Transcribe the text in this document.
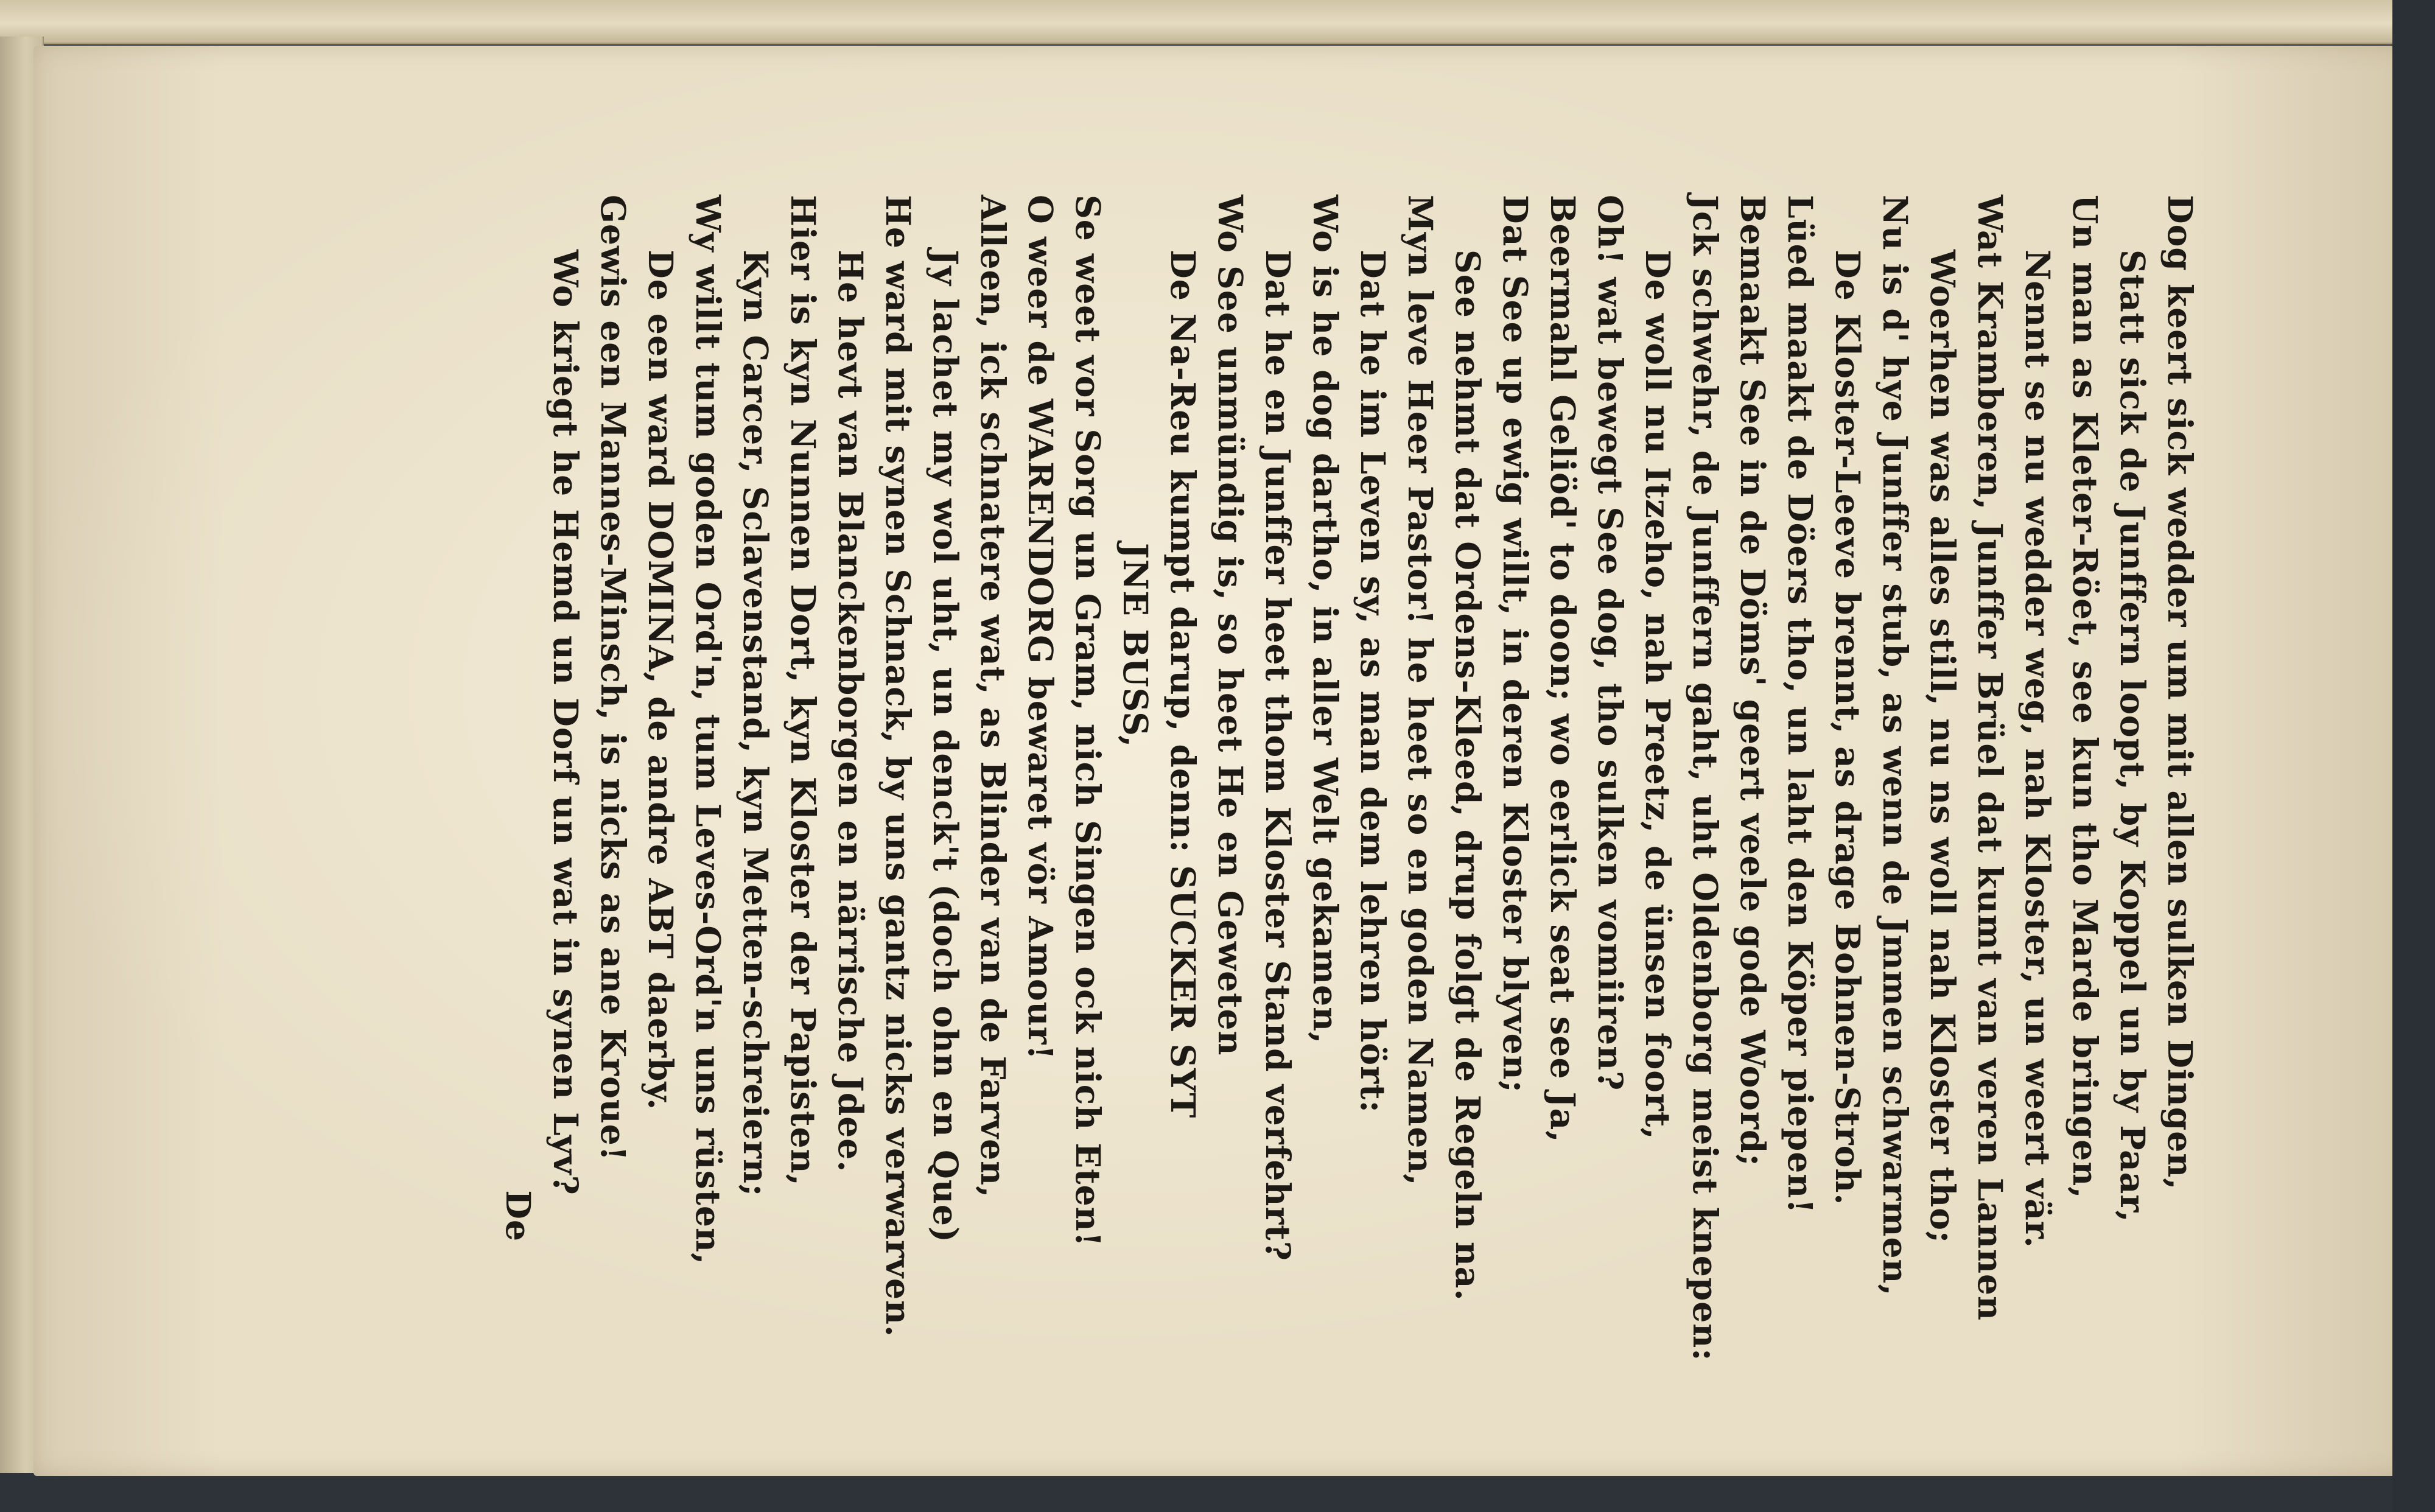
Dog keert sick wedder um mit allen sulken Dingen,
Statt sick de Junffern loopt, by Koppel un by Paar,
Un man as Kleter-Röet, see kun tho Marde bringen,
Nennt se nu wedder weg, nah Kloster, un weert vär.
Wat Kramberen, Junffer Brüel dat kumt van veren Lannen
Woerhen was alles still, nu ns woll nah Kloster tho;
Nu is d' hye Junffer stub, as wenn de Jmmen schwarmen,
De Kloster-Leeve brennt, as drage Bohnen-Stroh.
Lüed maakt de Döers tho, un laht den Köper piepen!
Bemaakt See in de Döms' geert veele gode Woord;
Jck schwehr, de Junffern gaht, uht Oldenborg meist knepen:
De woll nu Itzeho, nah Preetz, de ünsen foort,
Oh! wat bewegt See dog, tho sulken vomiiren?
Beermahl Geliöd' to doon; wo eerlick seat see Ja,
Dat See up ewig willt, in deren Kloster blyven;
See nehmt dat Ordens-Kleed, drup folgt de Regeln na.
Myn leve Heer Pastor! he heet so en goden Namen,
Dat he im Leven sy, as man dem lehren hört:
Wo is he dog dartho, in aller Welt gekamen,
Dat he en Junffer heet thom Kloster Stand verfehrt?
Wo See unmündig is, so heet He en Geweten
De Na-Reu kumpt darup, denn: SUCKER SYT
JNE BUSS,
Se weet vor Sorg un Gram, nich Singen ock nich Eten!
O weer de WARENDORG bewaret vör Amour!
Alleen, ick schnatere wat, as Blinder van de Farven,
Jy lachet my wol uht, un denck't (doch ohn en Que)
He ward mit synen Schnack, by uns gantz nicks verwarven.
He hevt van Blanckenborgen en närrische Jdee.
Hier is kyn Nunnen Dort, kyn Kloster der Papisten,
Kyn Carcer, Sclavenstand, kyn Metten-schreiern;
Wy willt tum goden Ord'n, tum Leves-Ord'n uns rüsten,
De een ward DOMINA, de andre ABT daerby.
Gewis een Mannes-Minsch, is nicks as ane Kroue!
Wo kriegt he Hemd un Dorf un wat in synen Lyv?
De
